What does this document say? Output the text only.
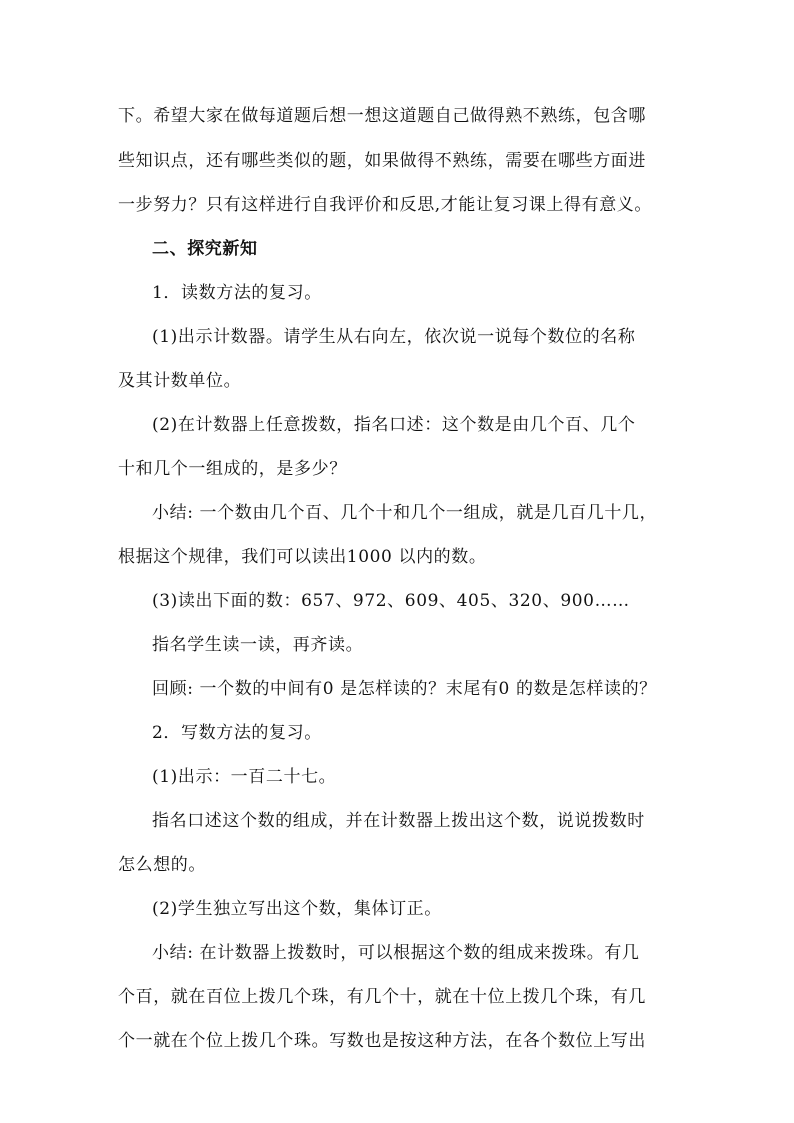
下。希望大家在做每道题后想一想这道题自己做得熟不熟练，包含哪
些知识点，还有哪些类似的题，如果做得不熟练，需要在哪些方面进
一步努力？只有这样进行自我评价和反思,才能让复习课上得有意义。
二、探究新知
1．读数方法的复习。
(1)出示计数器。请学生从右向左，依次说一说每个数位的名称
及其计数单位。
(2)在计数器上任意拨数，指名口述：这个数是由几个百、几个
十和几个一组成的，是多少？
小结: 一个数由几个百、几个十和几个一组成，就是几百几十几，
根据这个规律，我们可以读出1000 以内的数。
(3)读出下面的数：657、972、609、405、320、900……
指名学生读一读，再齐读。
回顾: 一个数的中间有0 是怎样读的？末尾有0 的数是怎样读的？
2．写数方法的复习。
(1)出示：一百二十七。
指名口述这个数的组成，并在计数器上拨出这个数，说说拨数时
怎么想的。
(2)学生独立写出这个数，集体订正。
小结: 在计数器上拨数时，可以根据这个数的组成来拨珠。有几
个百，就在百位上拨几个珠，有几个十，就在十位上拨几个珠，有几
个一就在个位上拨几个珠。写数也是按这种方法，在各个数位上写出
